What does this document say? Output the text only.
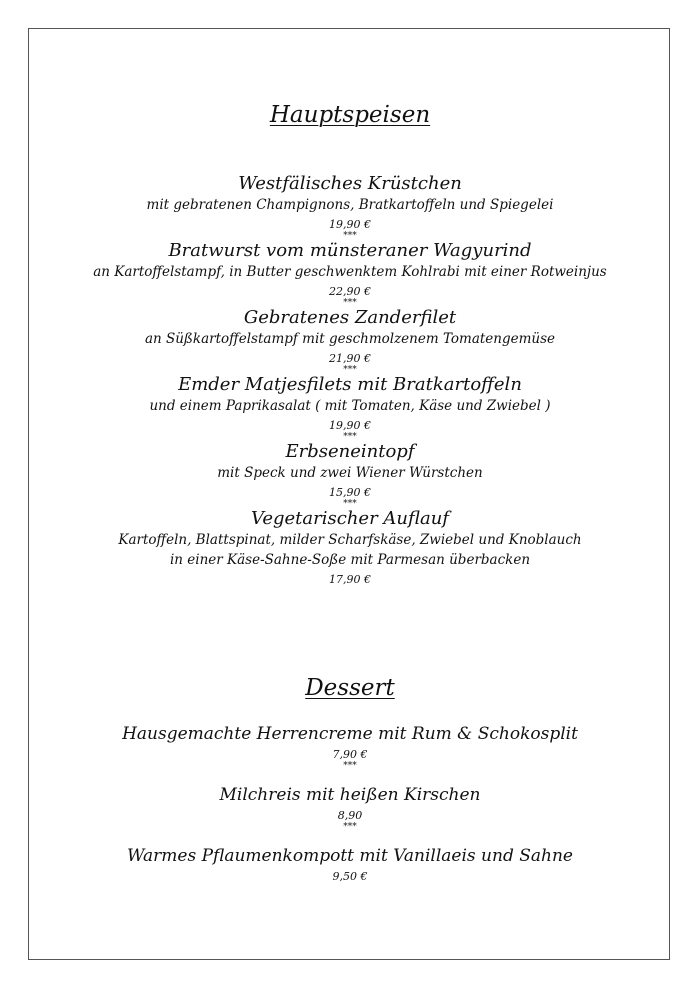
Hauptspeisen

Westfälisches Krüstchen

mit gebratenen Champignons, Bratkartoffeln und Spiegelei

19,90 €

***

Bratwurst vom münsteraner Wagyurind

an Kartoffelstampf, in Butter geschwenktem Kohlrabi mit einer Rotweinjus

22,90 €

***

Gebratenes Zanderfilet

an Süßkartoffelstampf mit geschmolzenem Tomatengemüse

21,90 €

***

Emder Matjesfilets mit Bratkartoffeln

und einem Paprikasalat ( mit Tomaten, Käse und Zwiebel )

19,90 €

***

Erbseneintopf

mit Speck und zwei Wiener Würstchen

15,90 €

***

Vegetarischer Auflauf

Kartoffeln, Blattspinat, milder Scharfskäse, Zwiebel und Knoblauch

in einer Käse-Sahne-Soße mit Parmesan überbacken

17,90 €

Dessert

Hausgemachte Herrencreme mit Rum & Schokosplit

7,90 €

***

Milchreis mit heißen Kirschen

8,90

***

Warmes Pflaumenkompott mit Vanillaeis und Sahne

9,50 €
